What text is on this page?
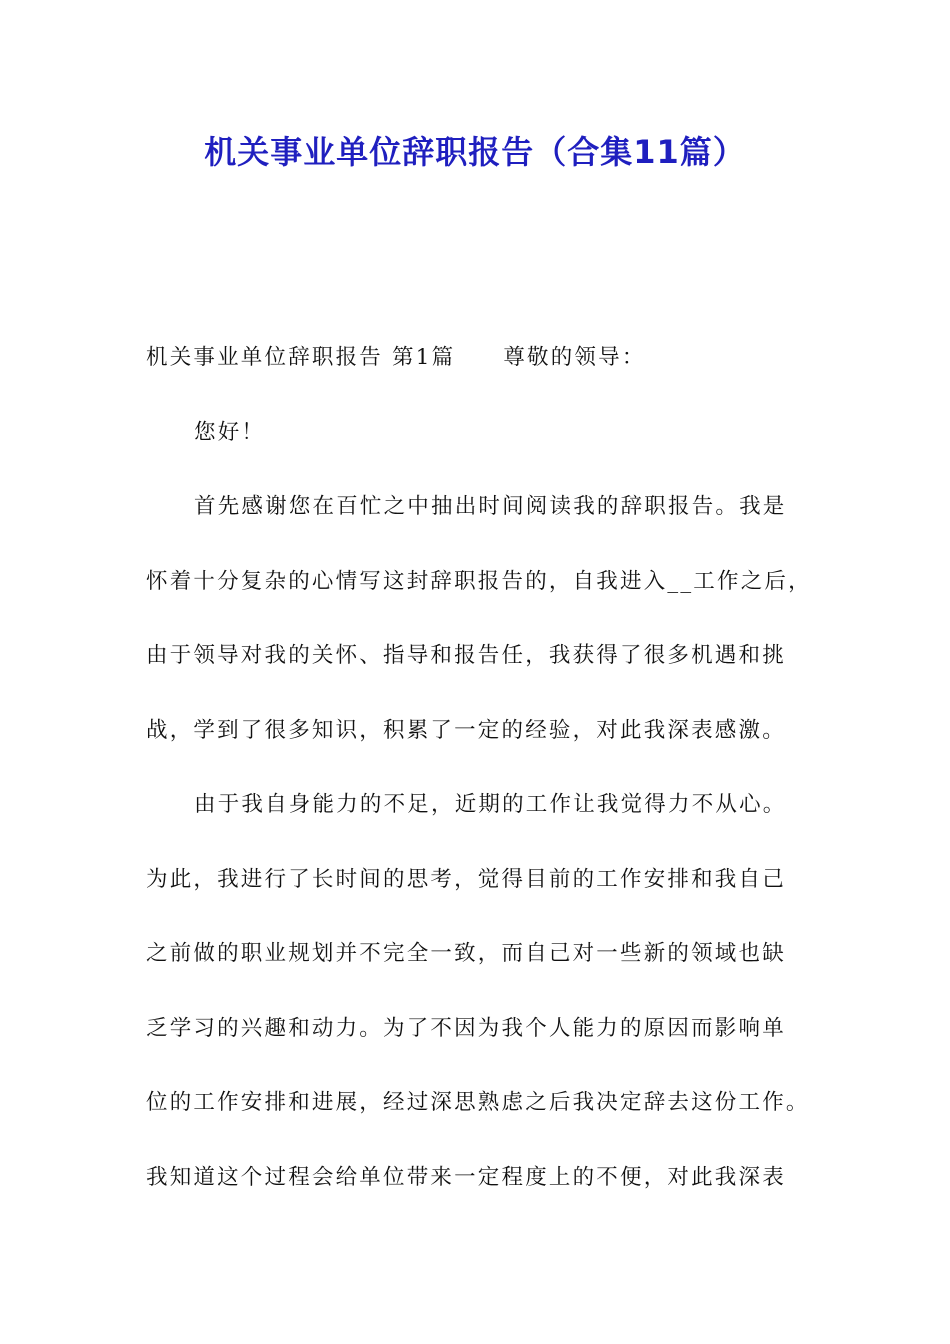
机关事业单位辞职报告（合集11篇）
机关事业单位辞职报告 第1篇 尊敬的领导：
您好！
首先感谢您在百忙之中抽出时间阅读我的辞职报告。我是
怀着十分复杂的心情写这封辞职报告的，自我进入__工作之后，
由于领导对我的关怀、指导和报告任，我获得了很多机遇和挑
战，学到了很多知识，积累了一定的经验，对此我深表感激。
由于我自身能力的不足，近期的工作让我觉得力不从心。
为此，我进行了长时间的思考，觉得目前的工作安排和我自己
之前做的职业规划并不完全一致，而自己对一些新的领域也缺
乏学习的兴趣和动力。为了不因为我个人能力的原因而影响单
位的工作安排和进展，经过深思熟虑之后我决定辞去这份工作。
我知道这个过程会给单位带来一定程度上的不便，对此我深表
